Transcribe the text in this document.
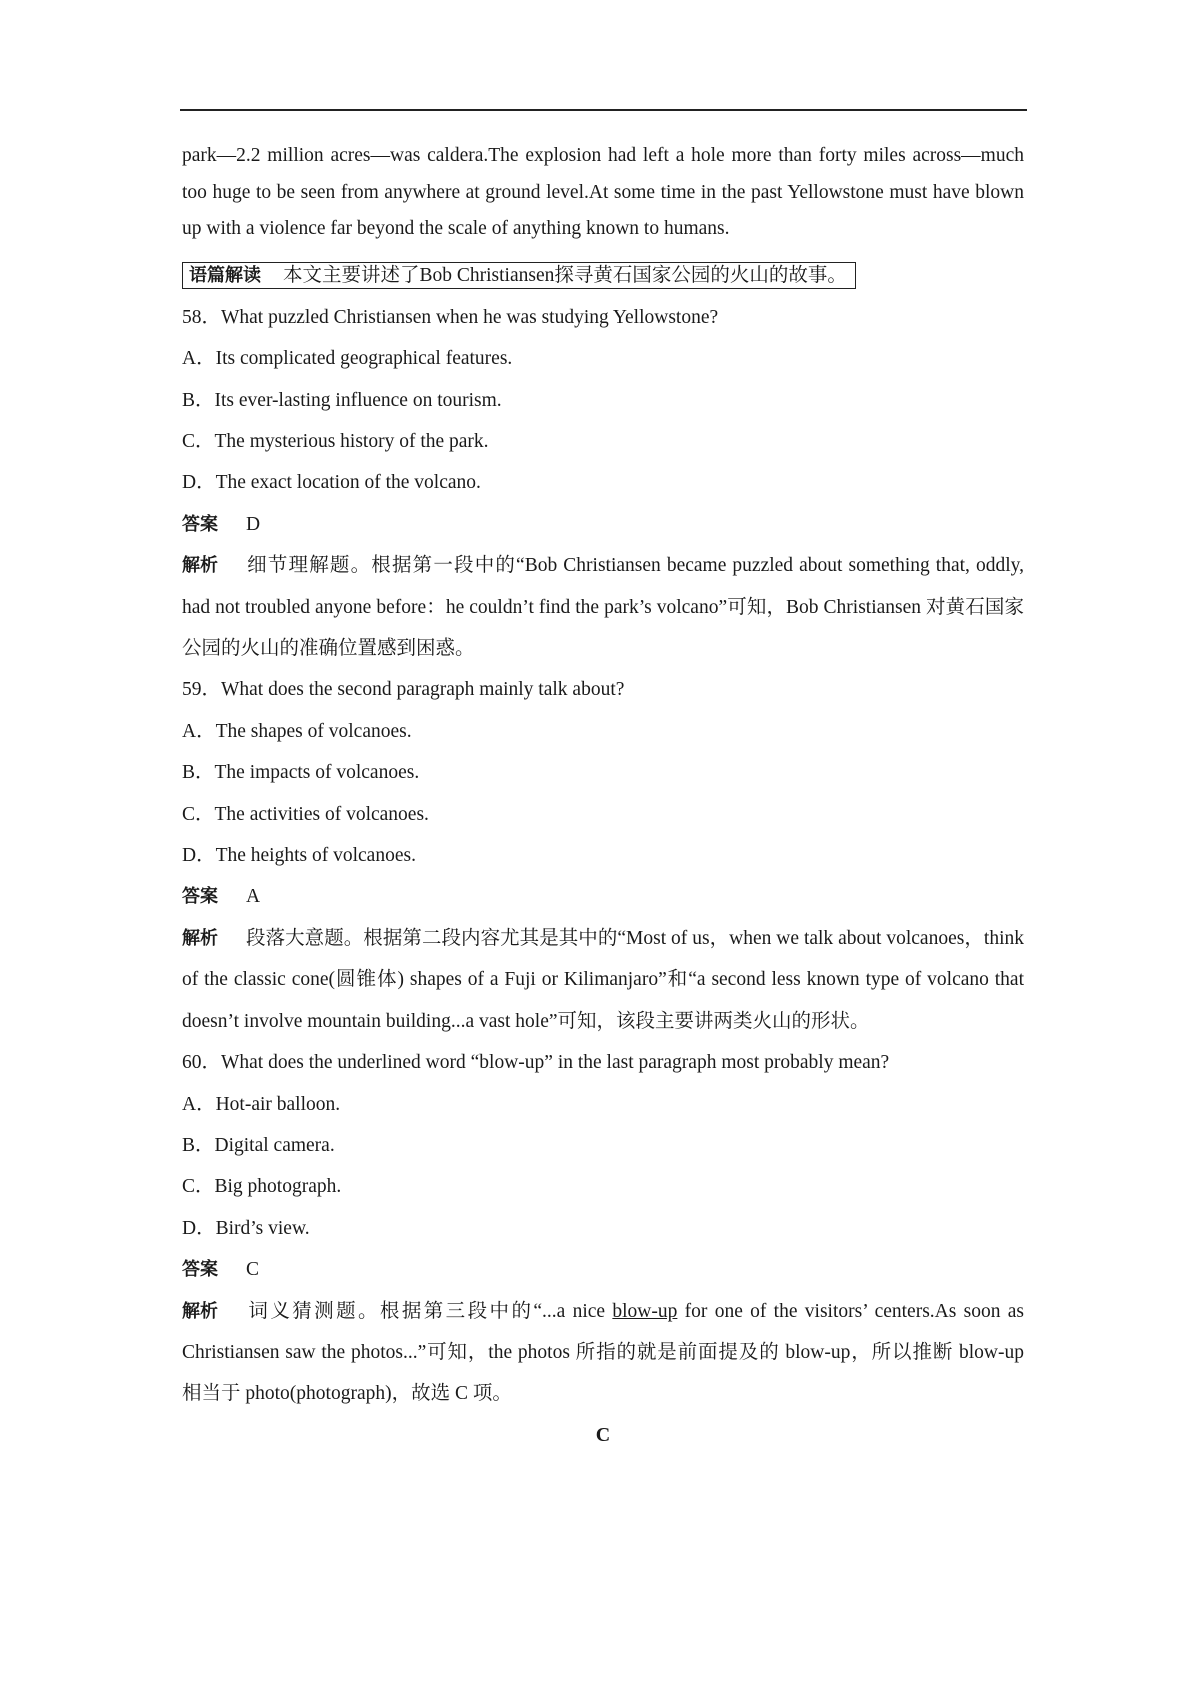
park—2.2 million acres—was caldera.The explosion had left a hole more than forty miles across—much too huge to be seen from anywhere at ground level.At some time in the past Yellowstone must have blown up with a violence far beyond the scale of anything known to humans.

语篇解读 本文主要讲述了Bob Christiansen探寻黄石国家公园的火山的故事。

58．What puzzled Christiansen when he was studying Yellowstone?

A．Its complicated geographical features.

B．Its ever-lasting influence on tourism.

C．The mysterious history of the park.

D．The exact location of the volcano.

答案 D

解析 细节理解题。根据第一段中的“Bob Christiansen became puzzled about something that, oddly, had not troubled anyone before：he couldn’t find the park’s volcano”可知，Bob Christiansen 对黄石国家公园的火山的准确位置感到困惑。

59．What does the second paragraph mainly talk about?

A．The shapes of volcanoes.

B．The impacts of volcanoes.

C．The activities of volcanoes.

D．The heights of volcanoes.

答案 A

解析 段落大意题。根据第二段内容尤其是其中的“Most of us，when we talk about volcanoes，think of the classic cone(圆锥体) shapes of a Fuji or Kilimanjaro”和“a second less known type of volcano that doesn’t involve mountain building...a vast hole”可知，该段主要讲两类火山的形状。

60．What does the underlined word “blow-up” in the last paragraph most probably mean?

A．Hot-air balloon.

B．Digital camera.

C．Big photograph.

D．Bird’s view.

答案 C

解析 词义猜测题。根据第三段中的“...a nice blow-up for one of the visitors’ centers.As soon as Christiansen saw the photos...”可知，the photos 所指的就是前面提及的 blow-up，所以推断 blow-up 相当于 photo(photograph)，故选 C 项。

C
